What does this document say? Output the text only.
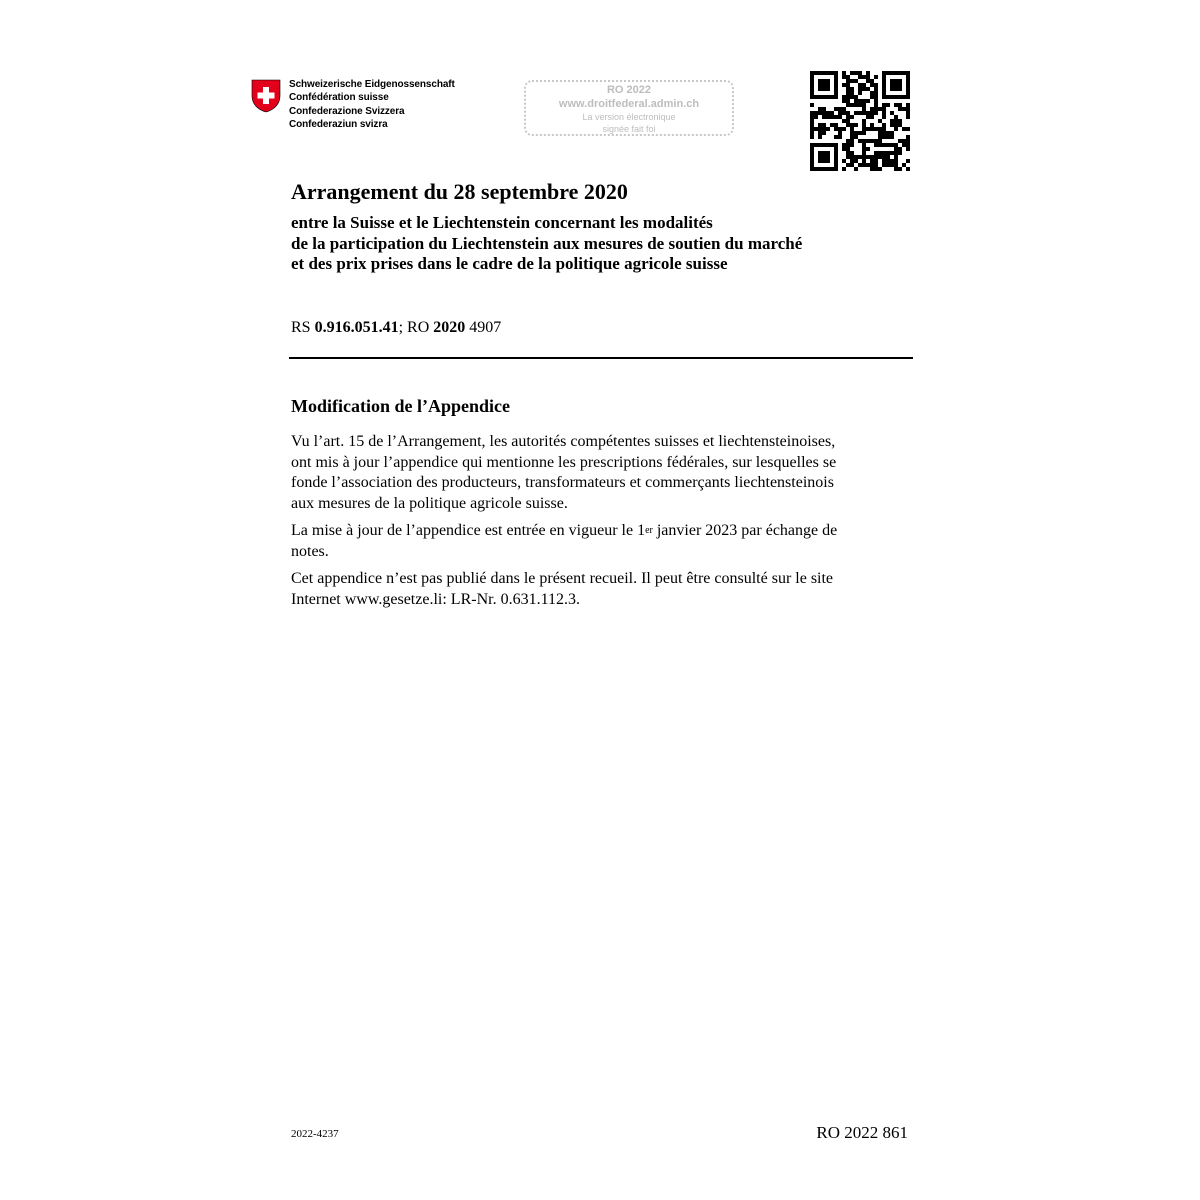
Schweizerische Eidgenossenschaft
Confédération suisse
Confederazione Svizzera
Confederaziun svizra
RO 2022
www.droitfederal.admin.ch
La version électronique
signée fait foi
Arrangement du 28 septembre 2020
entre la Suisse et le Liechtenstein concernant les modalités
de la participation du Liechtenstein aux mesures de soutien du marché
et des prix prises dans le cadre de la politique agricole suisse
RS 0.916.051.41; RO 2020 4907
Modification de l’Appendice

Vu l’art. 15 de l’Arrangement, les autorités compétentes suisses et liechtensteinoises,
ont mis à jour l’appendice qui mentionne les prescriptions fédérales, sur lesquelles se
fonde l’association des producteurs, transformateurs et commerçants liechtensteinois
aux mesures de la politique agricole suisse.

La mise à jour de l’appendice est entrée en vigueur le 1er janvier 2023 par échange de
notes.

Cet appendice n’est pas publié dans le présent recueil. Il peut être consulté sur le site
Internet www.gesetze.li: LR-Nr. 0.631.112.3.

2022-4237	RO 2022 861
